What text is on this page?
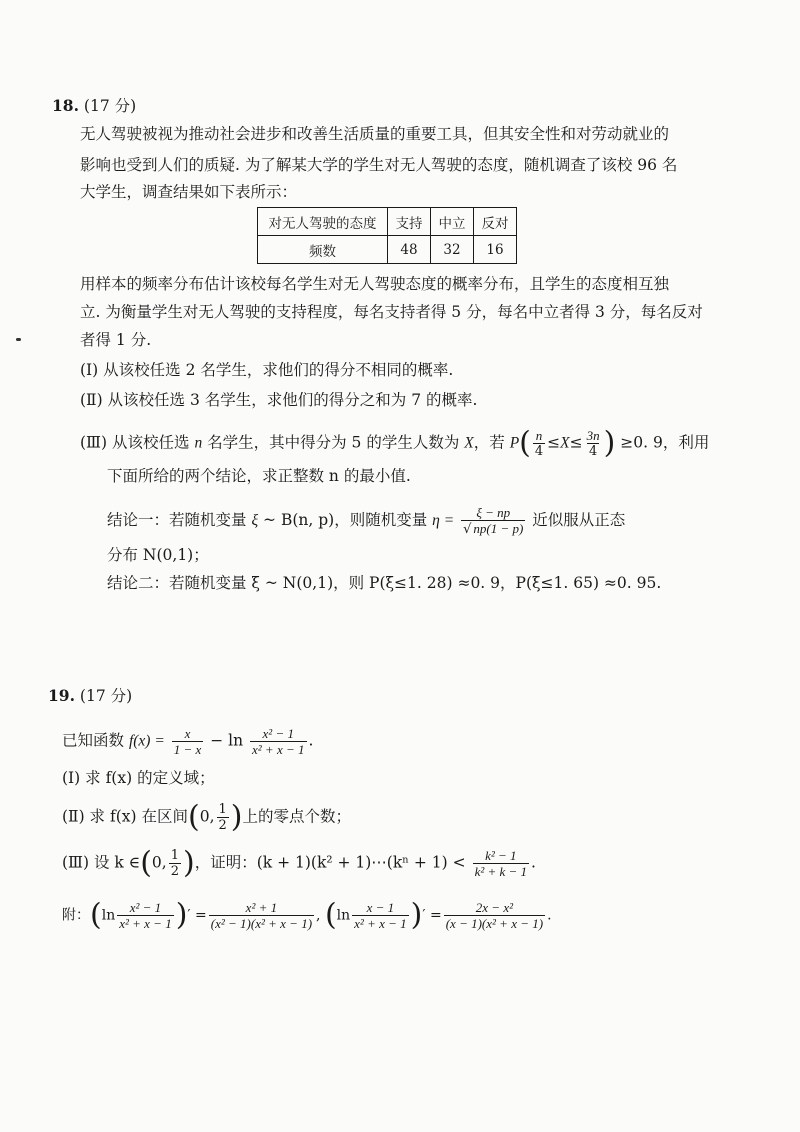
18. (17 分)
无人驾驶被视为推动社会进步和改善生活质量的重要工具，但其安全性和对劳动就业的
影响也受到人们的质疑. 为了解某大学的学生对无人驾驶的态度，随机调查了该校 96 名
大学生，调查结果如下表所示：
对无人驾驶的态度	支持	中立	反对
频数	48	32	16
用样本的频率分布估计该校每名学生对无人驾驶态度的概率分布，且学生的态度相互独
立. 为衡量学生对无人驾驶的支持程度，每名支持者得 5 分，每名中立者得 3 分，每名反对
者得 1 分.
(Ⅰ) 从该校任选 2 名学生，求他们的得分不相同的概率.
(Ⅱ) 从该校任选 3 名学生，求他们的得分之和为 7 的概率.
(Ⅲ) 从该校任选 n 名学生，其中得分为 5 的学生人数为 X，若 $P( \frac{n}{4} \le X\le \frac{3n}{4}$ ) ≥0. 9，利用
下面所给的两个结论，求正整数 n 的最小值.
结论一：若随机变量 ξ ~ B(n, p)，则随机变量 $\eta = \frac{\xi - np}{√ np(1 - p)}$ 近似服从正态
分布 N(0,1)；
结论二：若随机变量 ξ ~ N(0,1)，则 P(ξ≤1. 28) ≈0. 9，P(ξ≤1. 65) ≈0. 95.
19. (17 分)
已知函数 $f(x) = \frac{x}{1 - x} - \ln \frac{\text{x² − 1}}{\text{x² + x − 1}}$ .
(Ⅰ) 求 f(x) 的定义域；
(Ⅱ) 求 f(x) 在区间(0, $\frac{1}{2}$ )上的零点个数；
(Ⅲ) 设 k ∈(0, $\frac{1}{2}$ )，证明：(k + 1)(k² + 1)⋯(kⁿ + $1) < \frac{\text{k² − 1}}{\text{k² + k − 1}}$ .
附：($\ln \frac{\text{x² − 1}}{\text{x² + x − 1}}$ )′ = $\frac{\text{x² + 1}}{\text{(x² − 1)(x² + x − 1)}}$ , ($\ln \frac{x - 1}{\text{x² + x − 1}}$ )′ = $\frac{\text{2x − x²}}{\text{(x − 1)(x² + x − 1)}}$ .
